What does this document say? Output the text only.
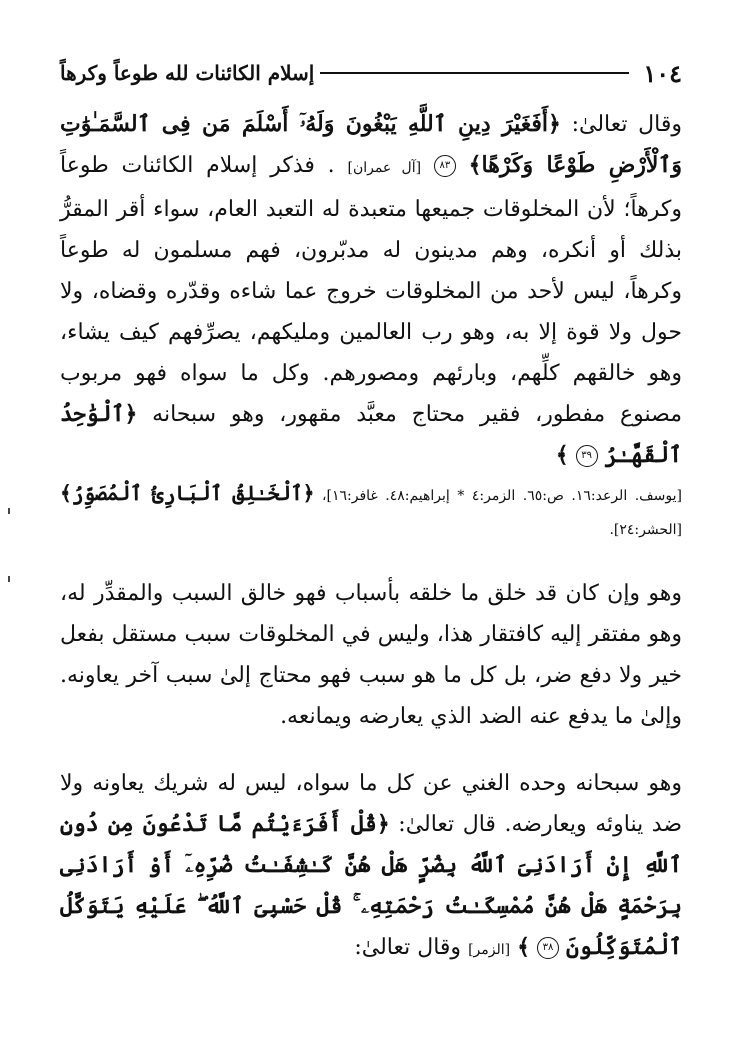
١٠٤
إسلام الكائنات لله طوعاً وكرهاً

وقال تعالىٰ: ﴿أَفَغَيْرَ دِينِ ٱللَّهِ يَبْغُونَ وَلَهُۥٓ أَسْلَمَ مَن فِى ٱلسَّمَـٰوَٰتِ وَٱلْأَرْضِ طَوْعًا وَكَرْهًا﴾ ٨٣ [آل عمران] . فذكر إسلام الكائنات طوعاً وكرهاً؛ لأن المخلوقات جميعها متعبدة له التعبد العام، سواء أقر المقرُّ بذلك أو أنكره، وهم مدينون له مدبّرون، فهم مسلمون له طوعاً وكرهاً، ليس لأحد من المخلوقات خروج عما شاءه وقدّره وقضاه، ولا حول ولا قوة إلا به، وهو رب العالمين ومليكهم، يصرِّفهم كيف يشاء، وهو خالقهم كلِّهم، وبارئهم ومصورهم. وكل ما سواه فهو مربوب مصنوع مفطور، فقير محتاج معبَّد مقهور، وهو سبحانه ﴿ٱلْوَٰحِدُ ٱلْقَهَّـٰرُ ٣٩ ﴾

[يوسف. الرعد:١٦. ص:٦٥. الزمر:٤ * إبراهيم:٤٨. غافر:١٦]، ﴿ٱلْخَـٰلِقُ ٱلْبَارِئُ ٱلْمُصَوِّرُ﴾ [الحشر:٢٤].

وهو وإن كان قد خلق ما خلقه بأسباب فهو خالق السبب والمقدِّر له، وهو مفتقر إليه كافتقار هذا، وليس في المخلوقات سبب مستقل بفعل خير ولا دفع ضر، بل كل ما هو سبب فهو محتاج إلىٰ سبب آخر يعاونه. وإلىٰ ما يدفع عنه الضد الذي يعارضه ويمانعه.

وهو سبحانه وحده الغني عن كل ما سواه، ليس له شريك يعاونه ولا ضد يناوئه ويعارضه. قال تعالىٰ: ﴿قُلْ أَفَرَءَيْتُم مَّا تَدْعُونَ مِن دُونِ ٱللَّهِ إِنْ أَرَادَنِىَ ٱللَّهُ بِضُرٍّ هَلْ هُنَّ كَـٰشِفَـٰتُ ضُرِّهِۦٓ أَوْ أَرَادَنِى بِرَحْمَةٍ هَلْ هُنَّ مُمْسِكَـٰتُ رَحْمَتِهِۦ ۚ قُلْ حَسْبِىَ ٱللَّهُ ۖ عَلَيْهِ يَتَوَكَّلُ ٱلْمُتَوَكِّلُونَ ٣٨ ﴾ [الزمر] وقال تعالىٰ:
